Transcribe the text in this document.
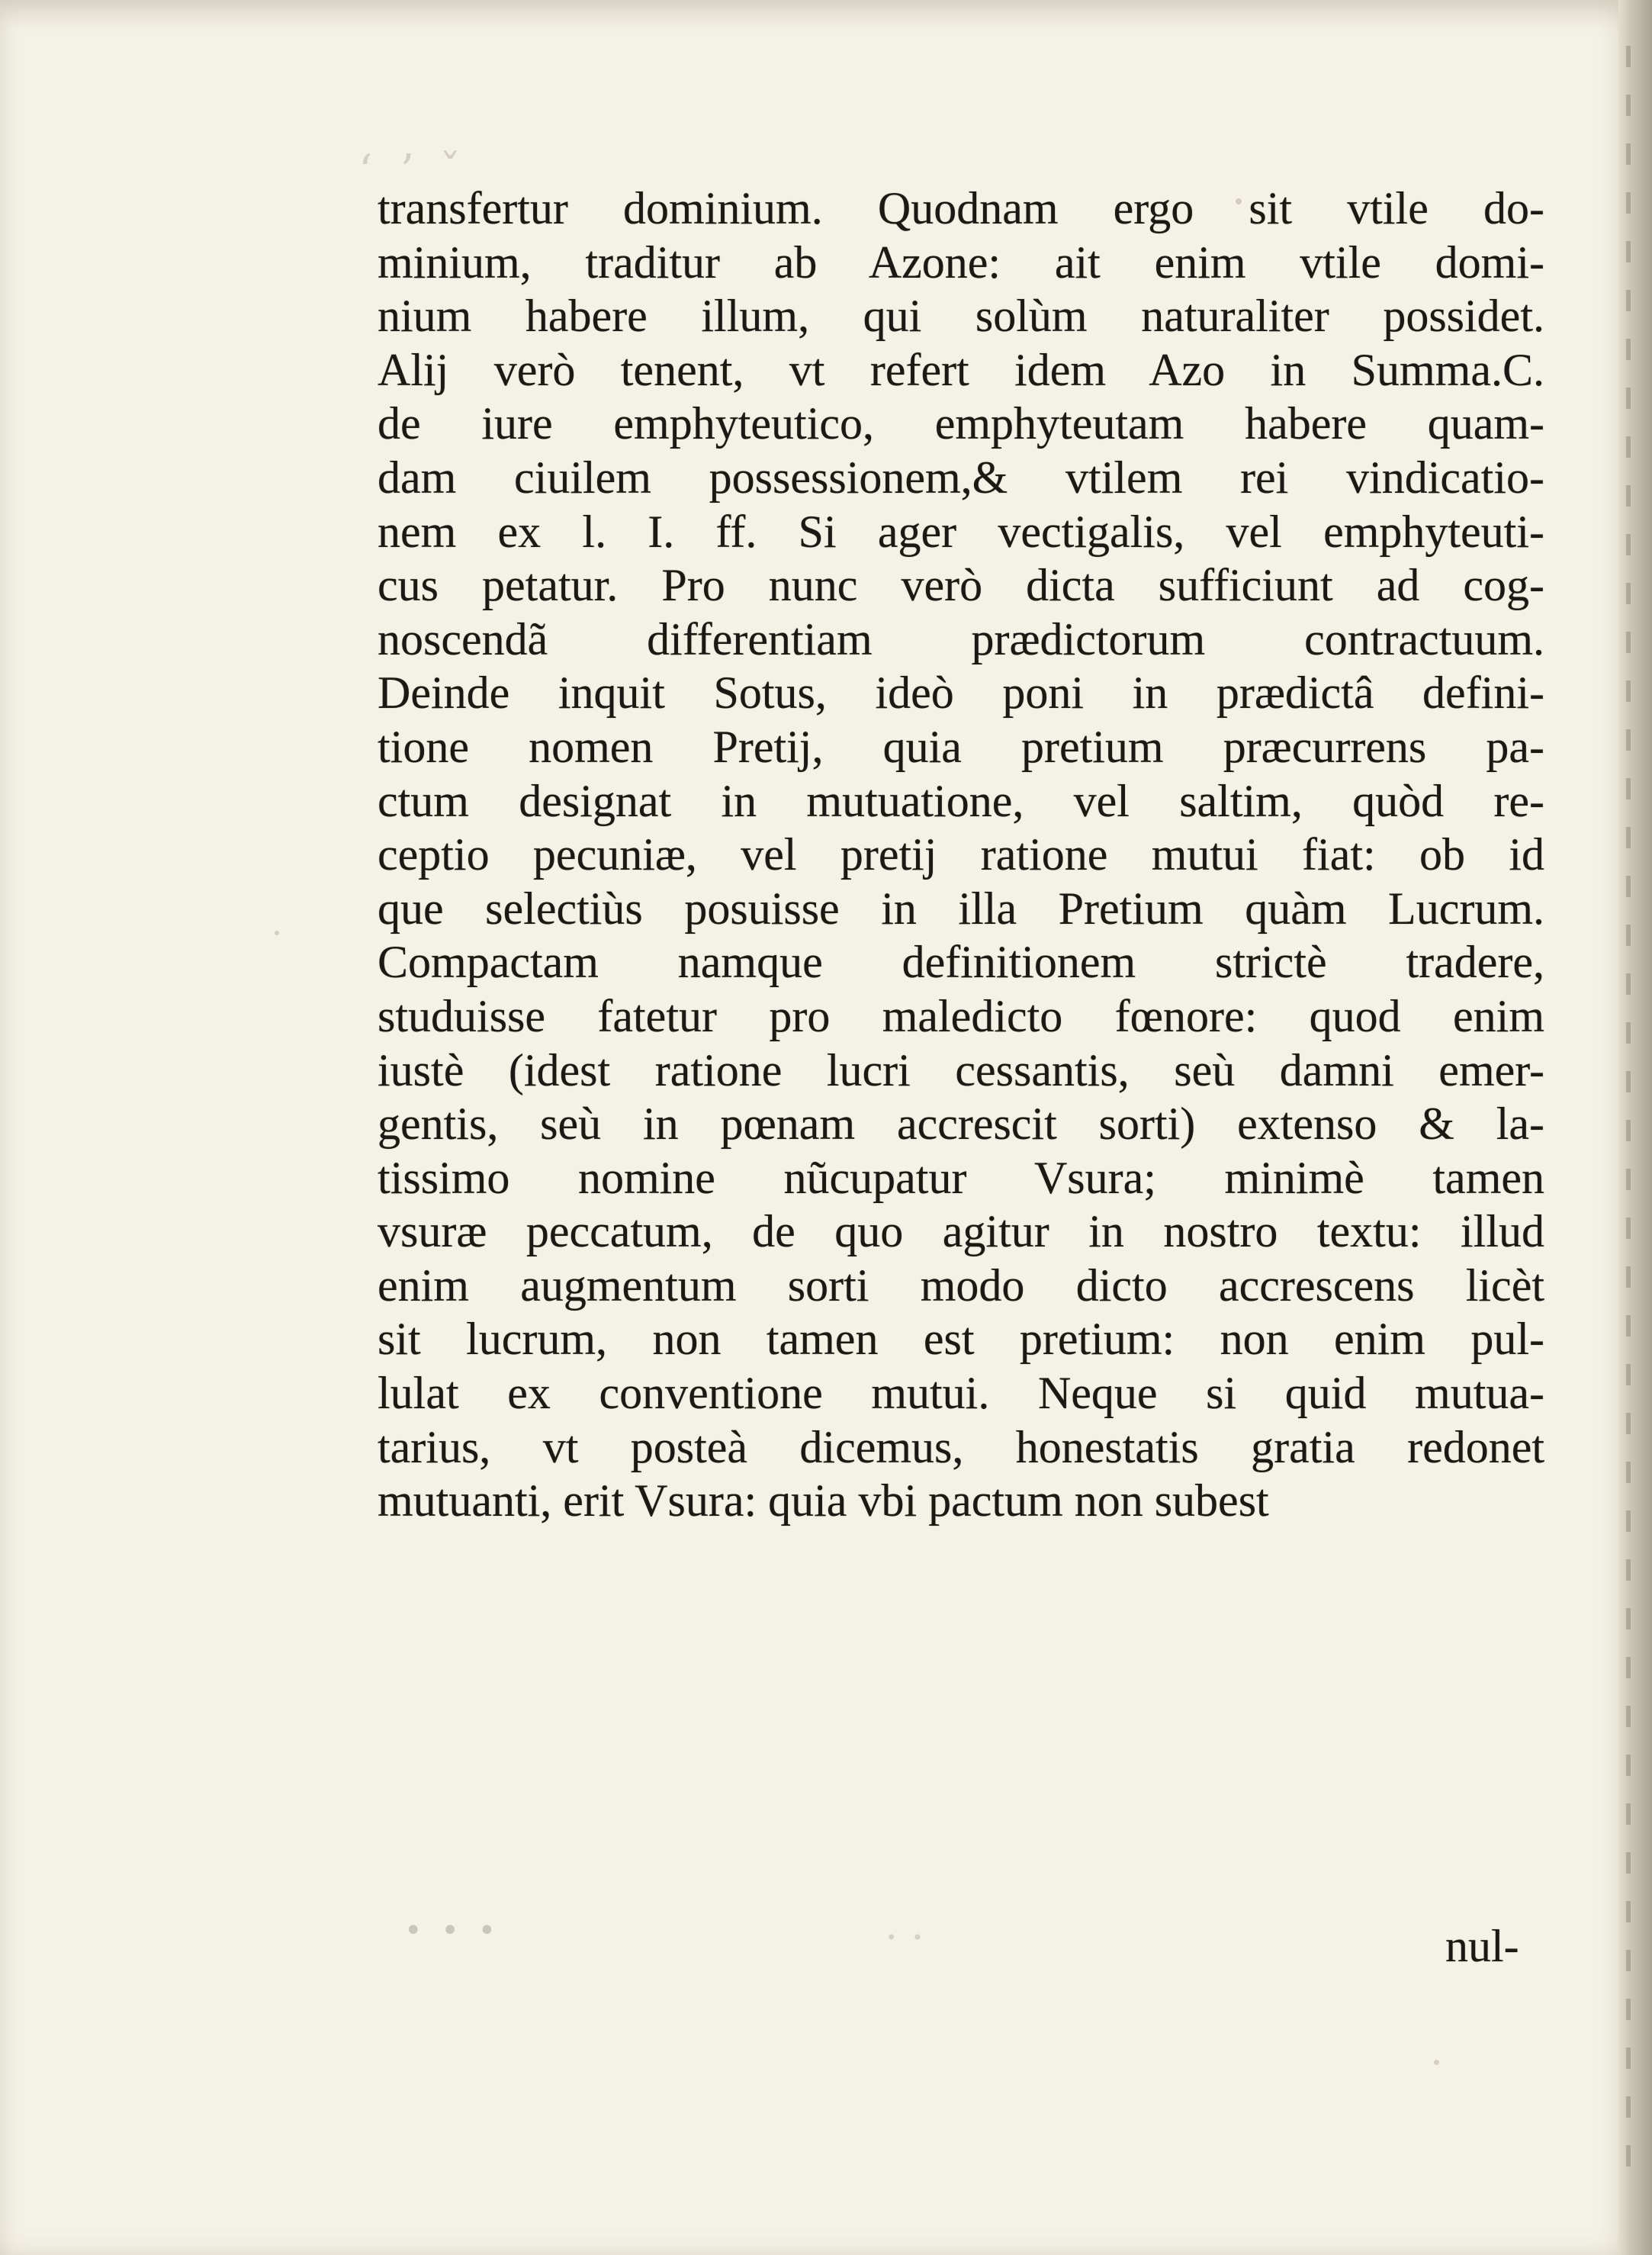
ʻ ʼ ˇ
transfertur dominium. Quodnam ergo sit vtile do-
minium, traditur ab Azone: ait enim vtile domi-
nium habere illum, qui solùm naturaliter possidet.
Alij verò tenent, vt refert idem Azo in Summa.C.
de iure emphyteutico, emphyteutam habere quam-
dam ciuilem possessionem,& vtilem rei vindicatio-
nem ex l. I. ff. Si ager vectigalis, vel emphyteuti-
cus petatur. Pro nunc verò dicta sufficiunt ad cog-
noscendã differentiam prædictorum contractuum.
Deinde inquit Sotus, ideò poni in prædictâ defini-
tione nomen Pretij, quia pretium præcurrens pa-
ctum designat in mutuatione, vel saltim, quòd re-
ceptio pecuniæ, vel pretij ratione mutui fiat: ob id
que selectiùs posuisse in illa Pretium quàm Lucrum.
Compactam namque definitionem strictè tradere,
studuisse fatetur pro maledicto fœnore: quod enim
iustè (idest ratione lucri cessantis, seù damni emer-
gentis, seù in pœnam accrescit sorti) extenso & la-
tissimo nomine nũcupatur Vsura; minimè tamen
vsuræ peccatum, de quo agitur in nostro textu: illud
enim augmentum sorti modo dicto accrescens licèt
sit lucrum, non tamen est pretium: non enim pul-
lulat ex conventione mutui. Neque si quid mutua-
tarius, vt posteà dicemus, honestatis gratia redonet
mutuanti, erit Vsura: quia vbi pactum non subest
• • •	· ·	nul-
